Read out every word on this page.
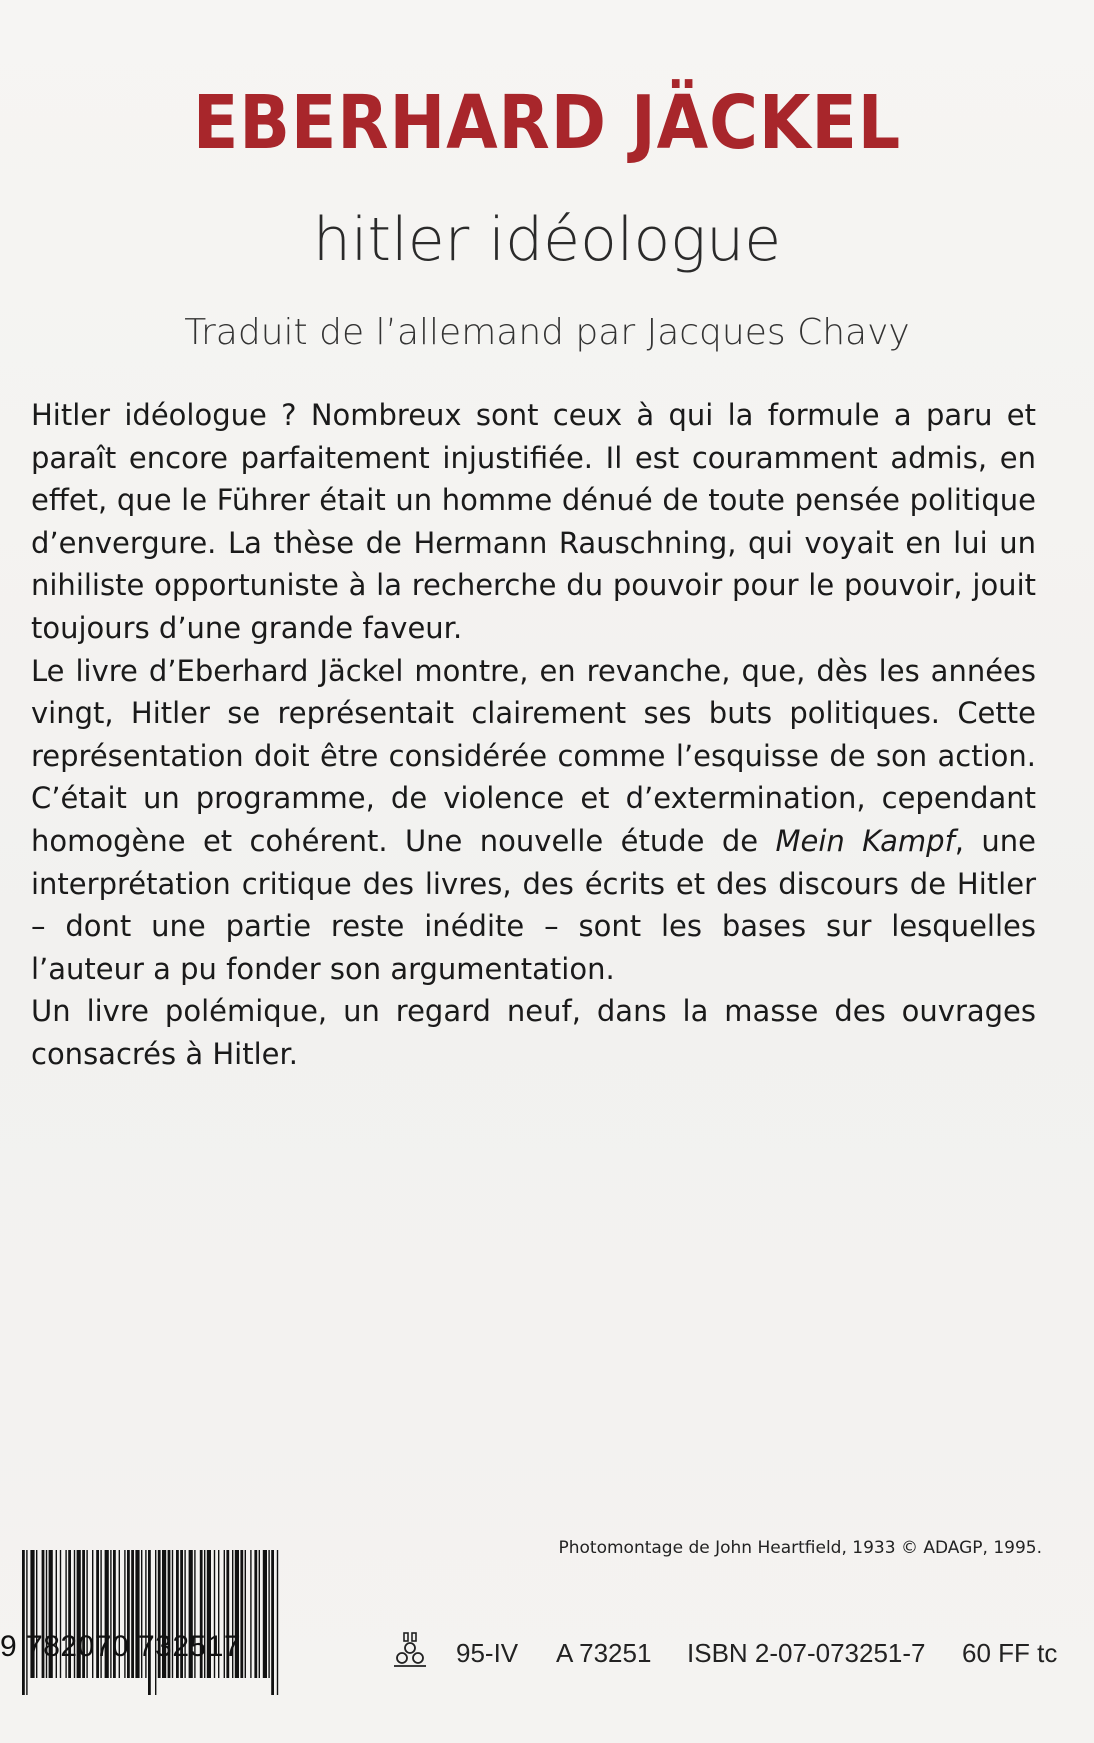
EBERHARD JÄCKEL
hitler idéologue
Traduit de l’allemand par Jacques Chavy

Hitler idéologue ? Nombreux sont ceux à qui la formule a paru et paraît encore parfaitement injustifiée. Il est couramment admis, en effet, que le Führer était un homme dénué de toute pensée politique d’envergure. La thèse de Hermann Rauschning, qui voyait en lui un nihiliste opportuniste à la recherche du pouvoir pour le pouvoir, jouit toujours d’une grande faveur.

Le livre d’Eberhard Jäckel montre, en revanche, que, dès les années vingt, Hitler se représentait clairement ses buts politiques. Cette représentation doit être considérée comme l’esquisse de son action. C’était un programme, de violence et d’extermination, cependant homogène et cohérent. Une nouvelle étude de Mein Kampf, une interprétation critique des livres, des écrits et des discours de Hitler – dont une partie reste inédite – sont les bases sur lesquelles l’auteur a pu fonder son argumentation.

Un livre polémique, un regard neuf, dans la masse des ouvrages consacrés à Hitler.

Photomontage de John Heartfield, 1933 © ADAGP, 1995.
9 782070 732517	95-IV A 73251 ISBN 2-07-073251-7 60 FF tc
